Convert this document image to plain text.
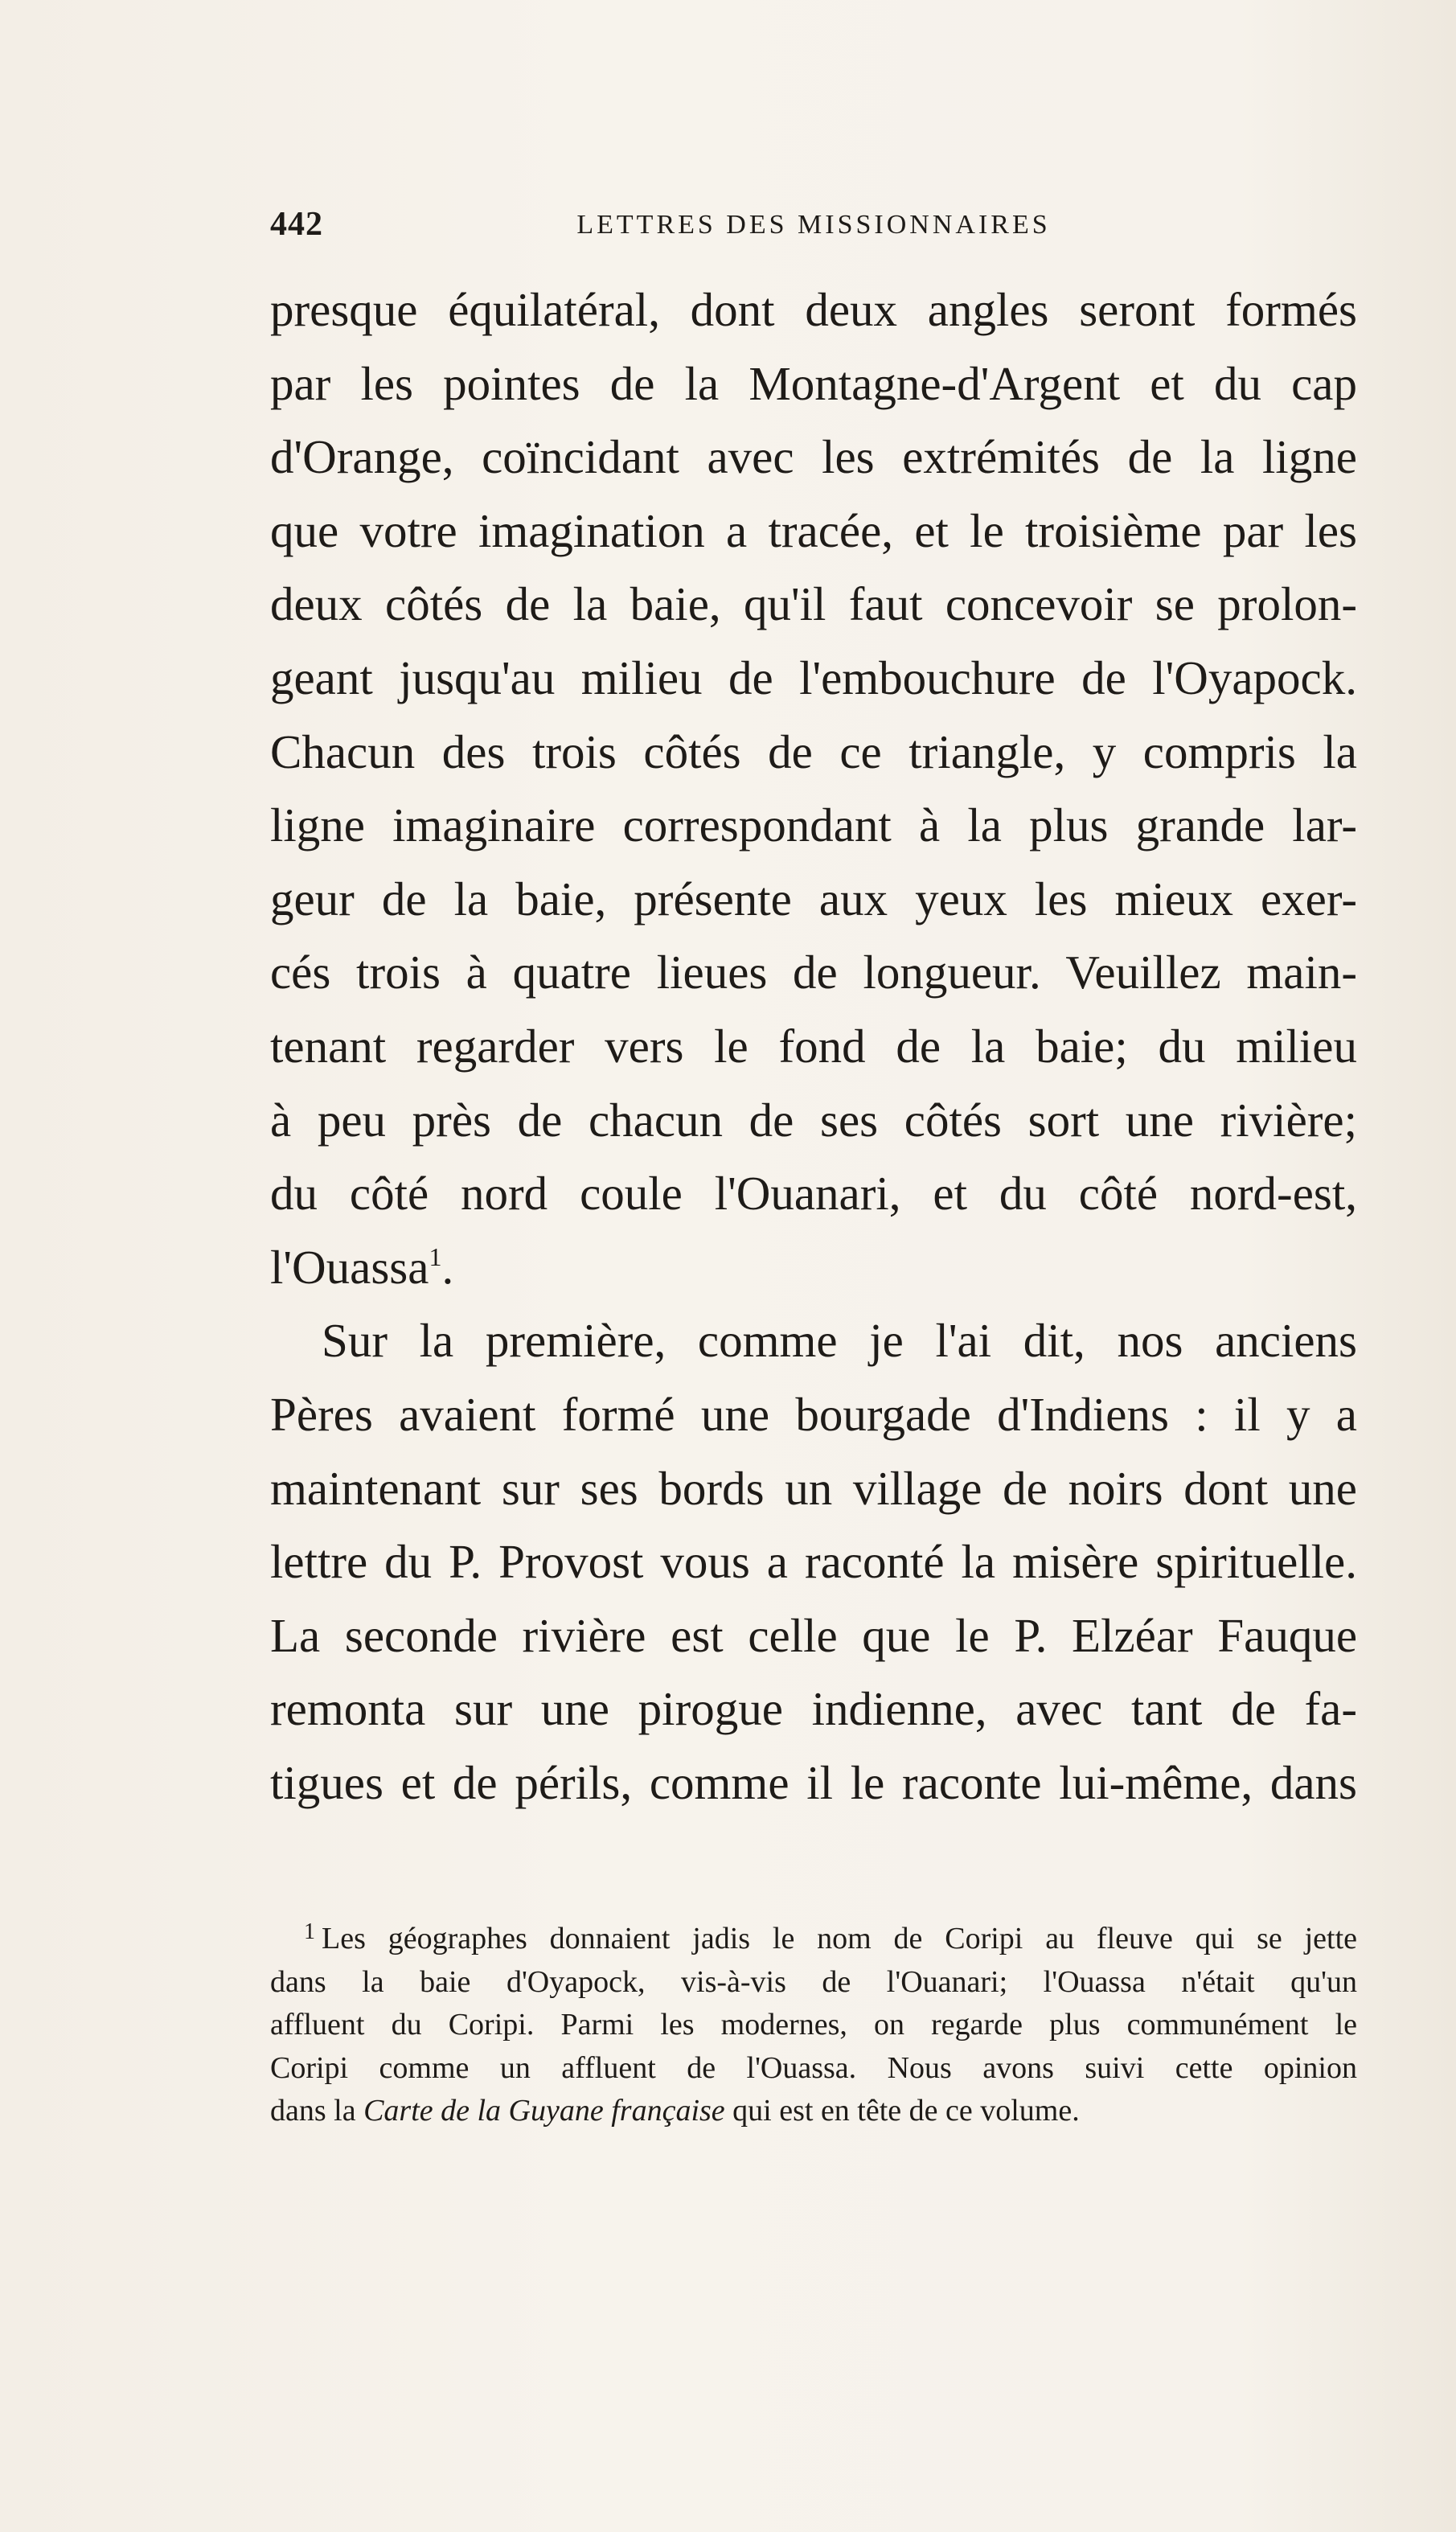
442	LETTRES DES MISSIONNAIRES
presque équilatéral, dont deux angles seront formés
par les pointes de la Montagne-d'Argent et du cap
d'Orange, coïncidant avec les extrémités de la ligne
que votre imagination a tracée, et le troisième par les
deux côtés de la baie, qu'il faut concevoir se prolon-
geant jusqu'au milieu de l'embouchure de l'Oyapock.
Chacun des trois côtés de ce triangle, y compris la
ligne imaginaire correspondant à la plus grande lar-
geur de la baie, présente aux yeux les mieux exer-
cés trois à quatre lieues de longueur. Veuillez main-
tenant regarder vers le fond de la baie; du milieu
à peu près de chacun de ses côtés sort une rivière;
du côté nord coule l'Ouanari, et du côté nord-est,
l'Ouassa$^1$.
Sur la première, comme je l'ai dit, nos anciens
Pères avaient formé une bourgade d'Indiens : il y a
maintenant sur ses bords un village de noirs dont une
lettre du P. Provost vous a raconté la misère spirituelle.
La seconde rivière est celle que le P. Elzéar Fauque
remonta sur une pirogue indienne, avec tant de fa-
tigues et de périls, comme il le raconte lui-même, dans
$^1$ Les géographes donnaient jadis le nom de Coripi au fleuve qui se jette
dans la baie d'Oyapock, vis-à-vis de l'Ouanari; l'Ouassa n'était qu'un
affluent du Coripi. Parmi les modernes, on regarde plus communément le
Coripi comme un affluent de l'Ouassa. Nous avons suivi cette opinion
dans la Carte de la Guyane française qui est en tête de ce volume.
